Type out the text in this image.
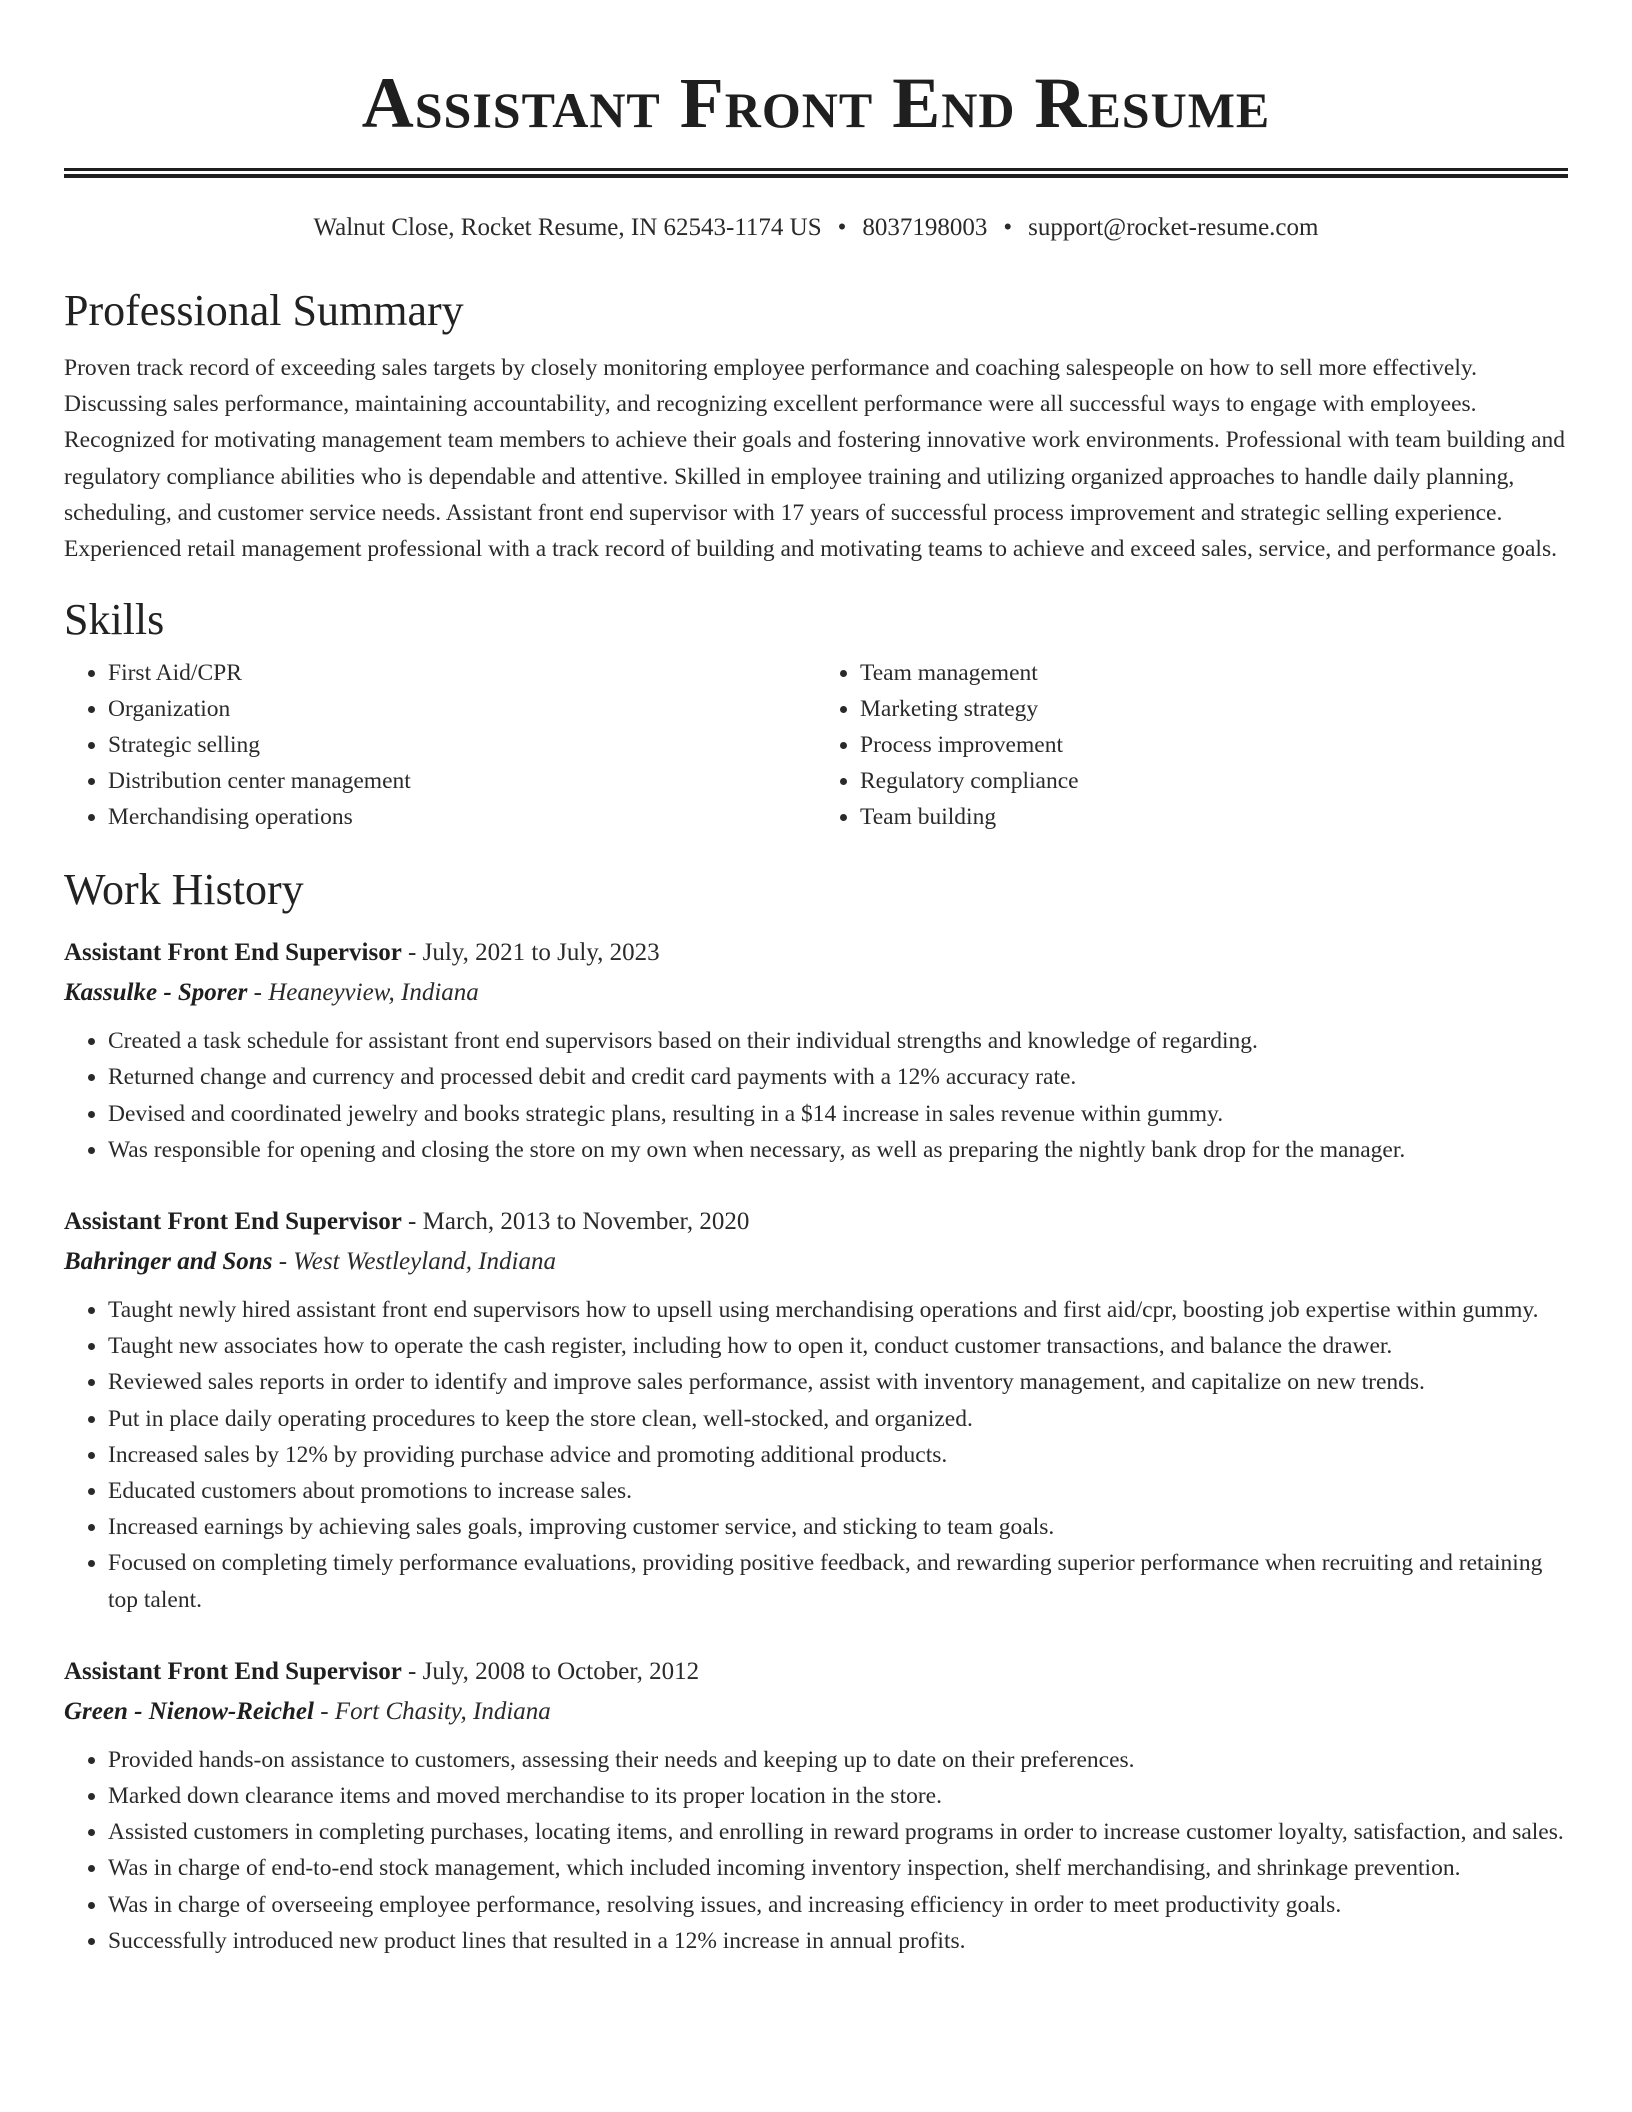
Assistant Front End Resume
Walnut Close, Rocket Resume, IN 62543-1174 US • 8037198003 • support@rocket-resume.com
Professional Summary

Proven track record of exceeding sales targets by closely monitoring employee performance and coaching salespeople on how to sell more effectively. Discussing sales performance, maintaining accountability, and recognizing excellent performance were all successful ways to engage with employees. Recognized for motivating management team members to achieve their goals and fostering innovative work environments. Professional with team building and regulatory compliance abilities who is dependable and attentive. Skilled in employee training and utilizing organized approaches to handle daily planning, scheduling, and customer service needs. Assistant front end supervisor with 17 years of successful process improvement and strategic selling experience. Experienced retail management professional with a track record of building and motivating teams to achieve and exceed sales, service, and performance goals.

Skills
• First Aid/CPR
• Organization
• Strategic selling
• Distribution center management
• Merchandising operations
• Team management
• Marketing strategy
• Process improvement
• Regulatory compliance
• Team building
Work History
Assistant Front End Supervisor - July, 2021 to July, 2023
Kassulke - Sporer - Heaneyview, Indiana
• Created a task schedule for assistant front end supervisors based on their individual strengths and knowledge of regarding.
• Returned change and currency and processed debit and credit card payments with a 12% accuracy rate.
• Devised and coordinated jewelry and books strategic plans, resulting in a $14 increase in sales revenue within gummy.
• Was responsible for opening and closing the store on my own when necessary, as well as preparing the nightly bank drop for the manager.
Assistant Front End Supervisor - March, 2013 to November, 2020
Bahringer and Sons - West Westleyland, Indiana
• Taught newly hired assistant front end supervisors how to upsell using merchandising operations and first aid/cpr, boosting job expertise within gummy.
• Taught new associates how to operate the cash register, including how to open it, conduct customer transactions, and balance the drawer.
• Reviewed sales reports in order to identify and improve sales performance, assist with inventory management, and capitalize on new trends.
• Put in place daily operating procedures to keep the store clean, well-stocked, and organized.
• Increased sales by 12% by providing purchase advice and promoting additional products.
• Educated customers about promotions to increase sales.
• Increased earnings by achieving sales goals, improving customer service, and sticking to team goals.
• Focused on completing timely performance evaluations, providing positive feedback, and rewarding superior performance when recruiting and retaining top talent.
Assistant Front End Supervisor - July, 2008 to October, 2012
Green - Nienow-Reichel - Fort Chasity, Indiana
• Provided hands-on assistance to customers, assessing their needs and keeping up to date on their preferences.
• Marked down clearance items and moved merchandise to its proper location in the store.
• Assisted customers in completing purchases, locating items, and enrolling in reward programs in order to increase customer loyalty, satisfaction, and sales.
• Was in charge of end-to-end stock management, which included incoming inventory inspection, shelf merchandising, and shrinkage prevention.
• Was in charge of overseeing employee performance, resolving issues, and increasing efficiency in order to meet productivity goals.
• Successfully introduced new product lines that resulted in a 12% increase in annual profits.
